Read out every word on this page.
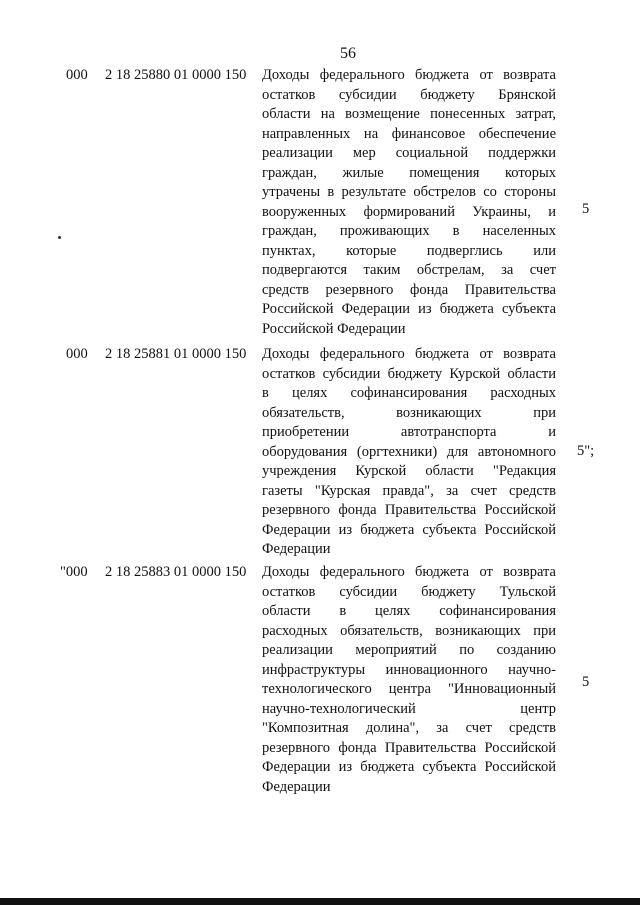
56
000 2 18 25880 01 0000 150 Доходы федерального бюджета от возврата
остатков субсидии бюджету Брянской
области на возмещение понесенных затрат,
направленных на финансовое обеспечение
реализации мер социальной поддержки
граждан, жилые помещения которых
утрачены в результате обстрелов со стороны
вооруженных формирований Украины, и
граждан, проживающих в населенных
пунктах, которые подверглись или
подвергаются таким обстрелам, за счет
средств резервного фонда Правительства
Российской Федерации из бюджета субъекта
Российской Федерации
5
000 2 18 25881 01 0000 150 Доходы федерального бюджета от возврата
остатков субсидии бюджету Курской области
в целях софинансирования расходных
обязательств, возникающих при
приобретении автотранспорта и
оборудования (оргтехники) для автономного
учреждения Курской области "Редакция
газеты "Курская правда", за счет средств
резервного фонда Правительства Российской
Федерации из бюджета субъекта Российской
Федерации
5";
"000 2 18 25883 01 0000 150 Доходы федерального бюджета от возврата
остатков субсидии бюджету Тульской
области в целях софинансирования
расходных обязательств, возникающих при
реализации мероприятий по созданию
инфраструктуры инновационного научно-
технологического центра "Инновационный
научно-технологический центр
"Композитная долина", за счет средств
резервного фонда Правительства Российской
Федерации из бюджета субъекта Российской
Федерации
5
